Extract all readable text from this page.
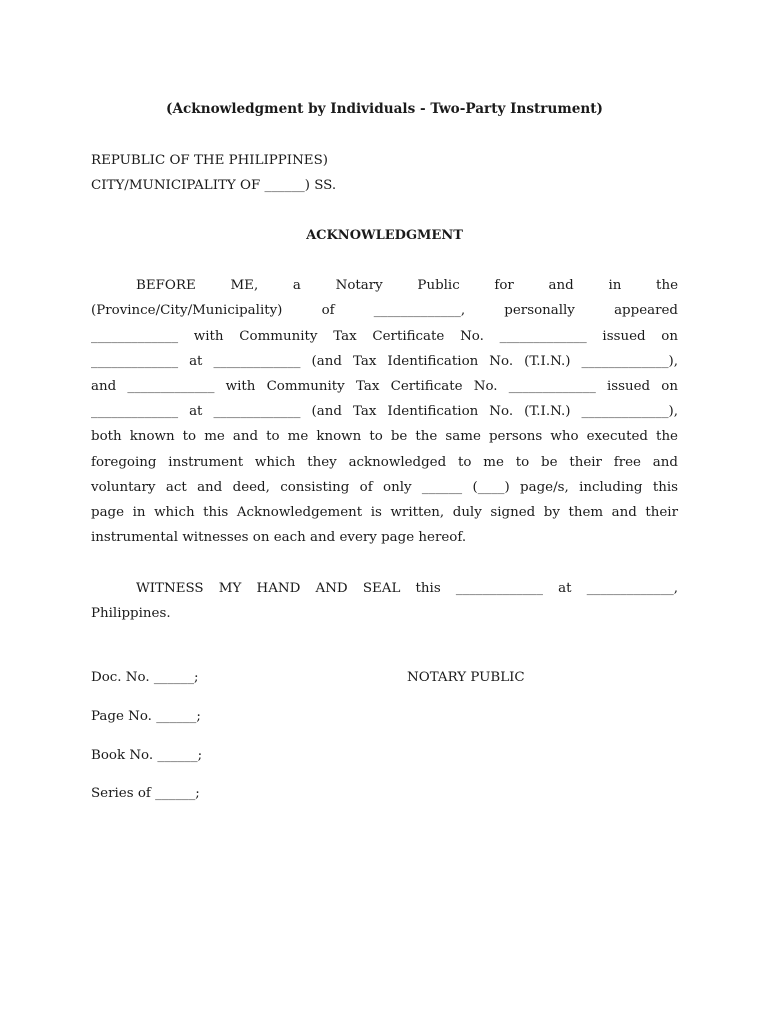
(Acknowledgment by Individuals - Two-Party Instrument)
REPUBLIC OF THE PHILIPPINES)
CITY/MUNICIPALITY OF ______) SS.
ACKNOWLEDGMENT
BEFORE ME, a Notary Public for and in the
(Province/City/Municipality) of _____________, personally appeared
_____________ with Community Tax Certificate No. _____________ issued on
_____________ at _____________ (and Tax Identification No. (T.I.N.) _____________),
and _____________ with Community Tax Certificate No. _____________ issued on
_____________ at _____________ (and Tax Identification No. (T.I.N.) _____________),
both known to me and to me known to be the same persons who executed the
foregoing instrument which they acknowledged to me to be their free and
voluntary act and deed, consisting of only ______ (____) page/s, including this
page in which this Acknowledgement is written, duly signed by them and their
instrumental witnesses on each and every page hereof.
WITNESS MY HAND AND SEAL this _____________ at _____________,
Philippines.
Doc. No. ______;	NOTARY PUBLIC
Page No. ______;
Book No. ______;
Series of ______;
